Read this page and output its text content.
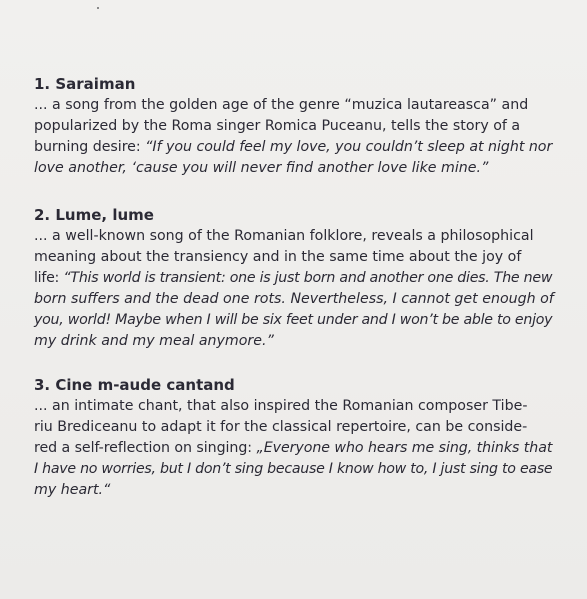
1. Saraiman

... a song from the golden age of the genre “muzica lautareasca” and

popularized by the Roma singer Romica Puceanu, tells the story of a

burning desire: “If you could feel my love, you couldn’t sleep at night nor

love another, ‘cause you will never find another love like mine.”

2. Lume, lume

... a well-known song of the Romanian folklore, reveals a philosophical

meaning about the transiency and in the same time about the joy of

life: “This world is transient: one is just born and another one dies. The new

born suffers and the dead one rots. Nevertheless, I cannot get enough of

you, world! Maybe when I will be six feet under and I won’t be able to enjoy

my drink and my meal anymore.”

3. Cine m-aude cantand

... an intimate chant, that also inspired the Romanian composer Tibe-

riu Brediceanu to adapt it for the classical repertoire, can be conside-

red a self-reflection on singing: „Everyone who hears me sing, thinks that

I have no worries, but I don’t sing because I know how to, I just sing to ease

my heart.“
